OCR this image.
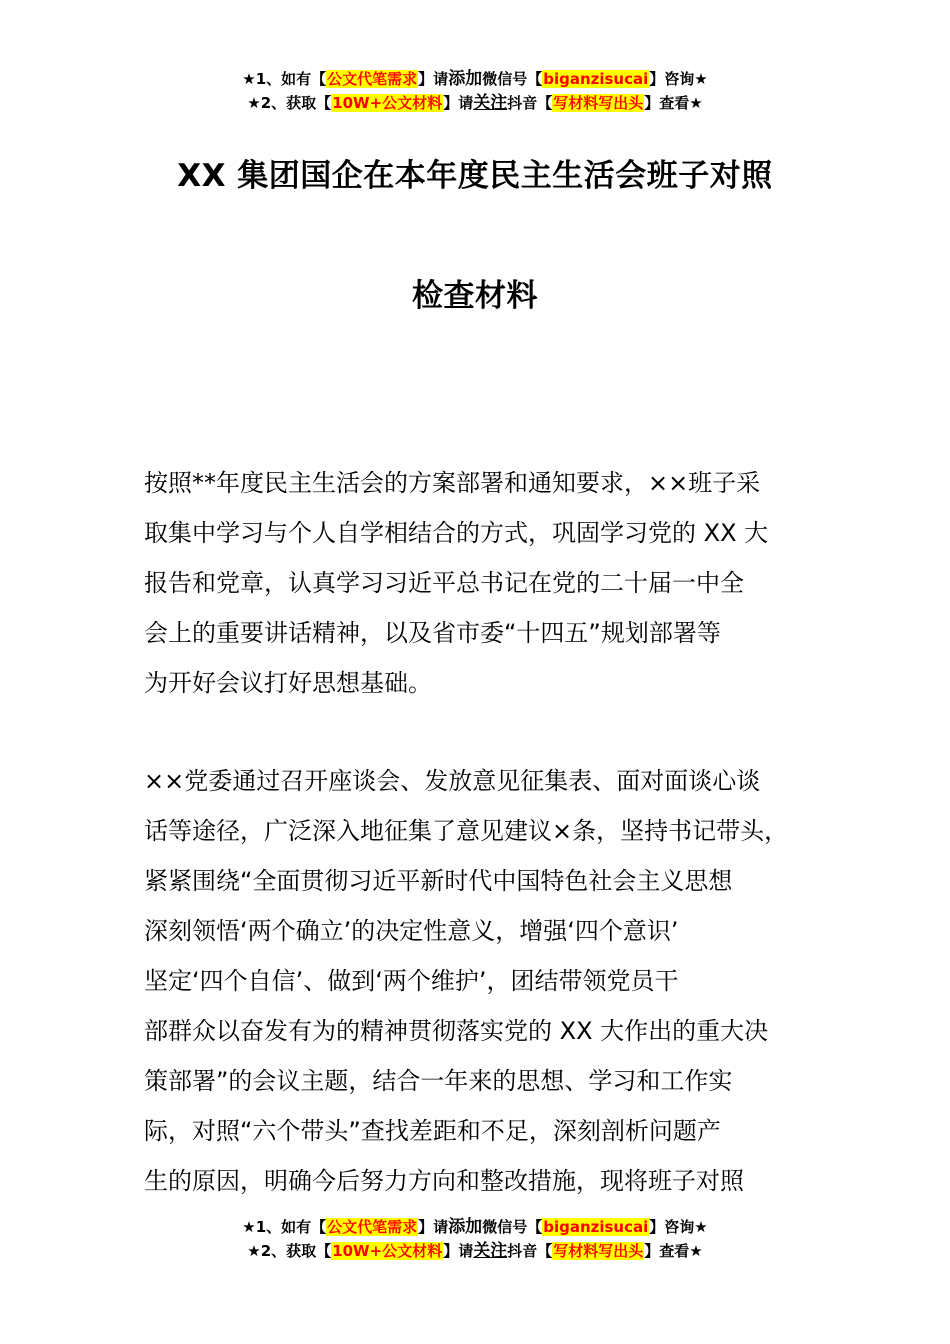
★1、如有【公文代笔需求】请添加微信号【biganzisucai】咨询★
★2、获取【10W+公文材料】请关注抖音【写材料写出头】查看★
XX 集团国企在本年度民主生活会班子对照
检查材料
按照**年度民主生活会的方案部署和通知要求，××班子采
取集中学习与个人自学相结合的方式，巩固学习党的 XX 大
报告和党章，认真学习习近平总书记在党的二十届一中全
会上的重要讲话精神，以及省市委“十四五”规划部署等
为开好会议打好思想基础。
××党委通过召开座谈会、发放意见征集表、面对面谈心谈
话等途径，广泛深入地征集了意见建议×条，坚持书记带头，
紧紧围绕“全面贯彻习近平新时代中国特色社会主义思想
深刻领悟‘两个确立’的决定性意义，增强‘四个意识’
坚定‘四个自信’、做到‘两个维护’，团结带领党员干
部群众以奋发有为的精神贯彻落实党的 XX 大作出的重大决
策部署”的会议主题，结合一年来的思想、学习和工作实
际，对照“六个带头”查找差距和不足，深刻剖析问题产
生的原因，明确今后努力方向和整改措施，现将班子对照
★1、如有【公文代笔需求】请添加微信号【biganzisucai】咨询★
★2、获取【10W+公文材料】请关注抖音【写材料写出头】查看★
